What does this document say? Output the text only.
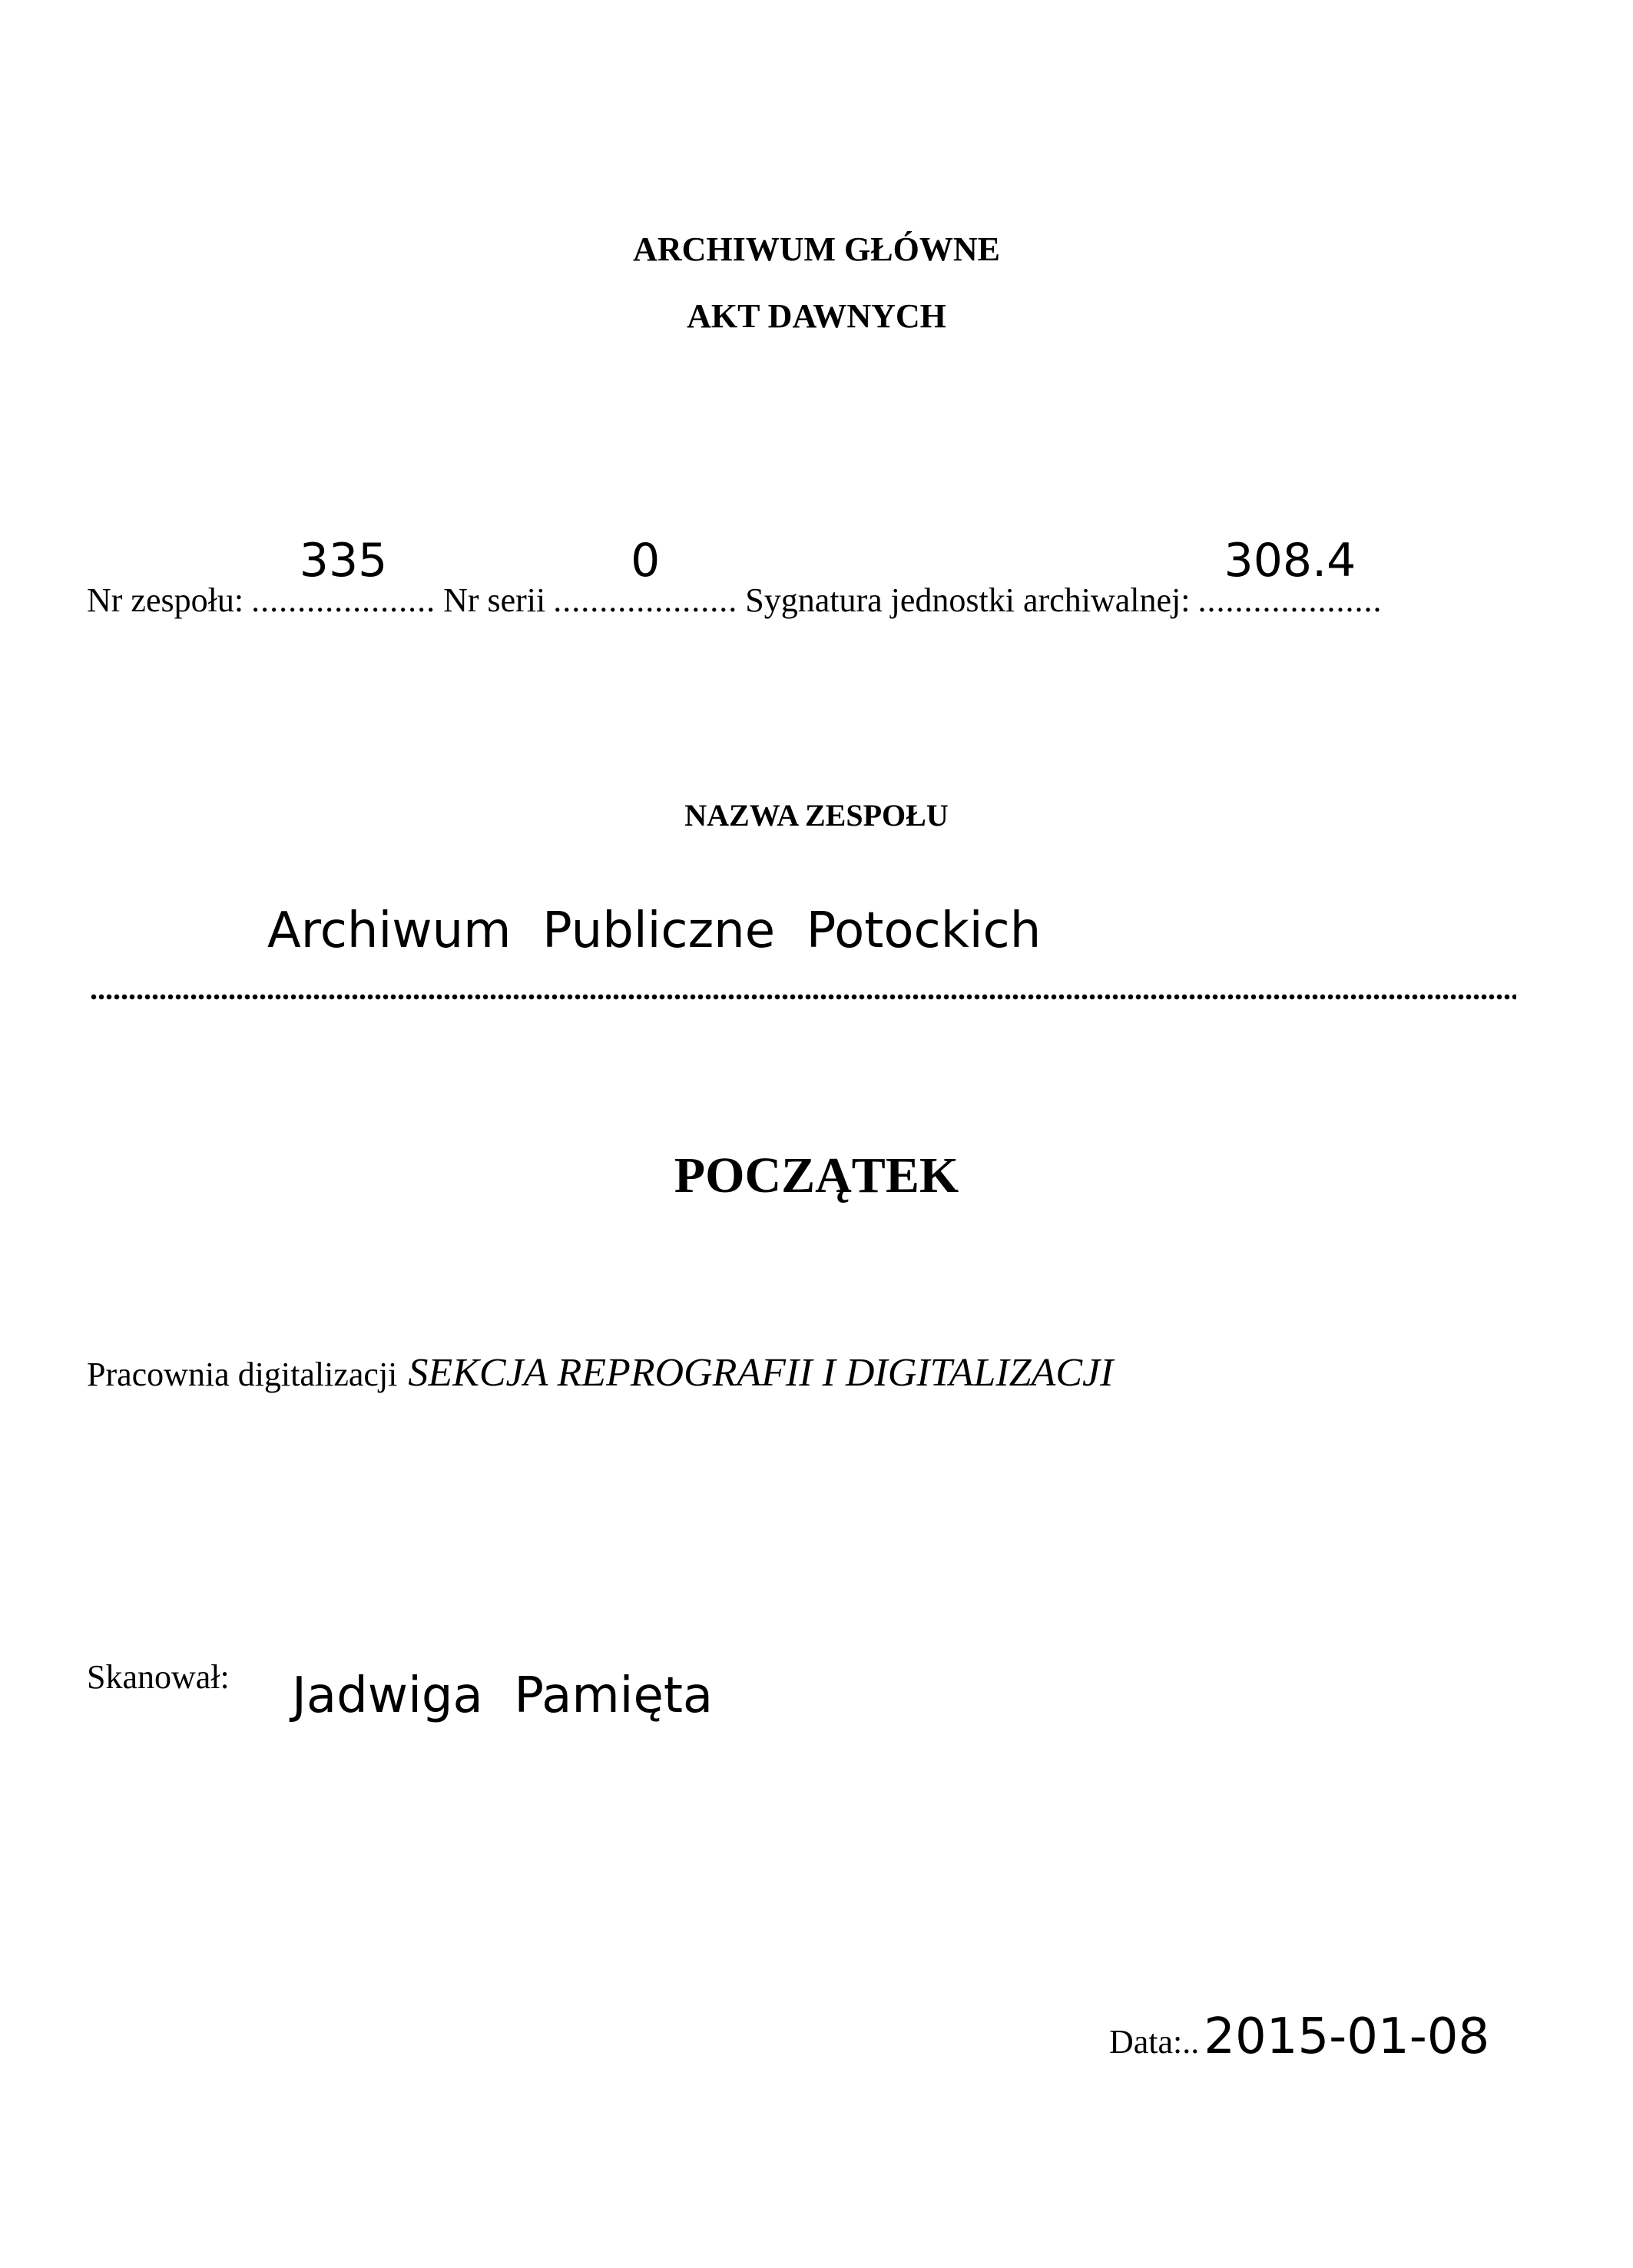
ARCHIWUM GŁÓWNE
AKT DAWNYCH
Nr zespołu:
335
.................... Nr serii
0
.................... Sygnatura jednostki archiwalnej:
308.4
....................
NAZWA ZESPOŁU
Archiwum  Publiczne  Potockich
POCZĄTEK
Pracownia digitalizacji SEKCJA REPROGRAFII I DIGITALIZACJI
Skanował: Jadwiga  Pamięta
Data:.. 2015-01-08
